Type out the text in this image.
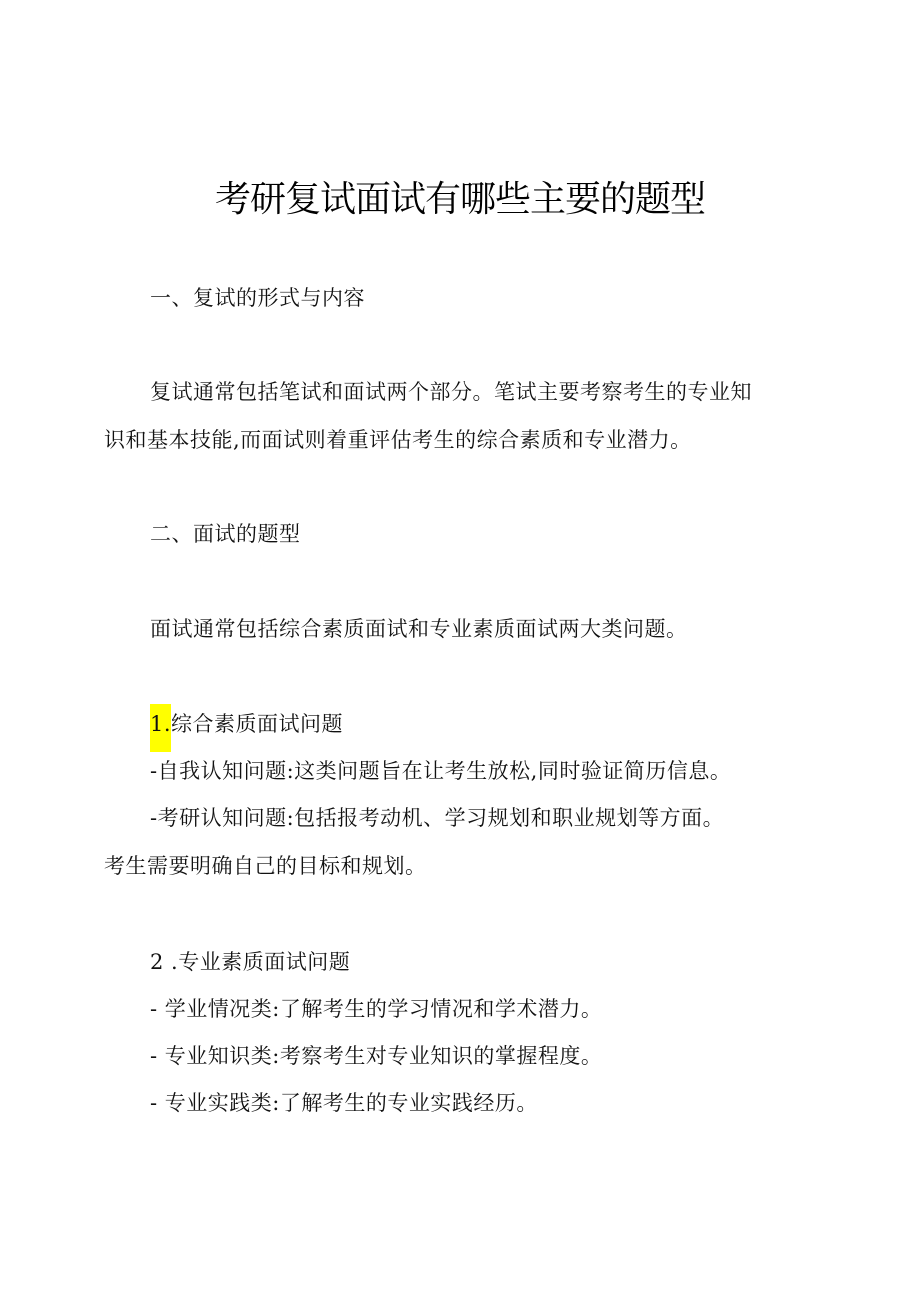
考研复试面试有哪些主要的题型
一、复试的形式与内容
复试通常包括笔试和面试两个部分。笔试主要考察考生的专业知
识和基本技能,而面试则着重评估考生的综合素质和专业潜力。
二、面试的题型
面试通常包括综合素质面试和专业素质面试两大类问题。
1.综合素质面试问题
-自我认知问题:这类问题旨在让考生放松,同时验证简历信息。
-考研认知问题:包括报考动机、学习规划和职业规划等方面。
考生需要明确自己的目标和规划。
2 .专业素质面试问题
- 学业情况类:了解考生的学习情况和学术潜力。
- 专业知识类:考察考生对专业知识的掌握程度。
- 专业实践类:了解考生的专业实践经历。
